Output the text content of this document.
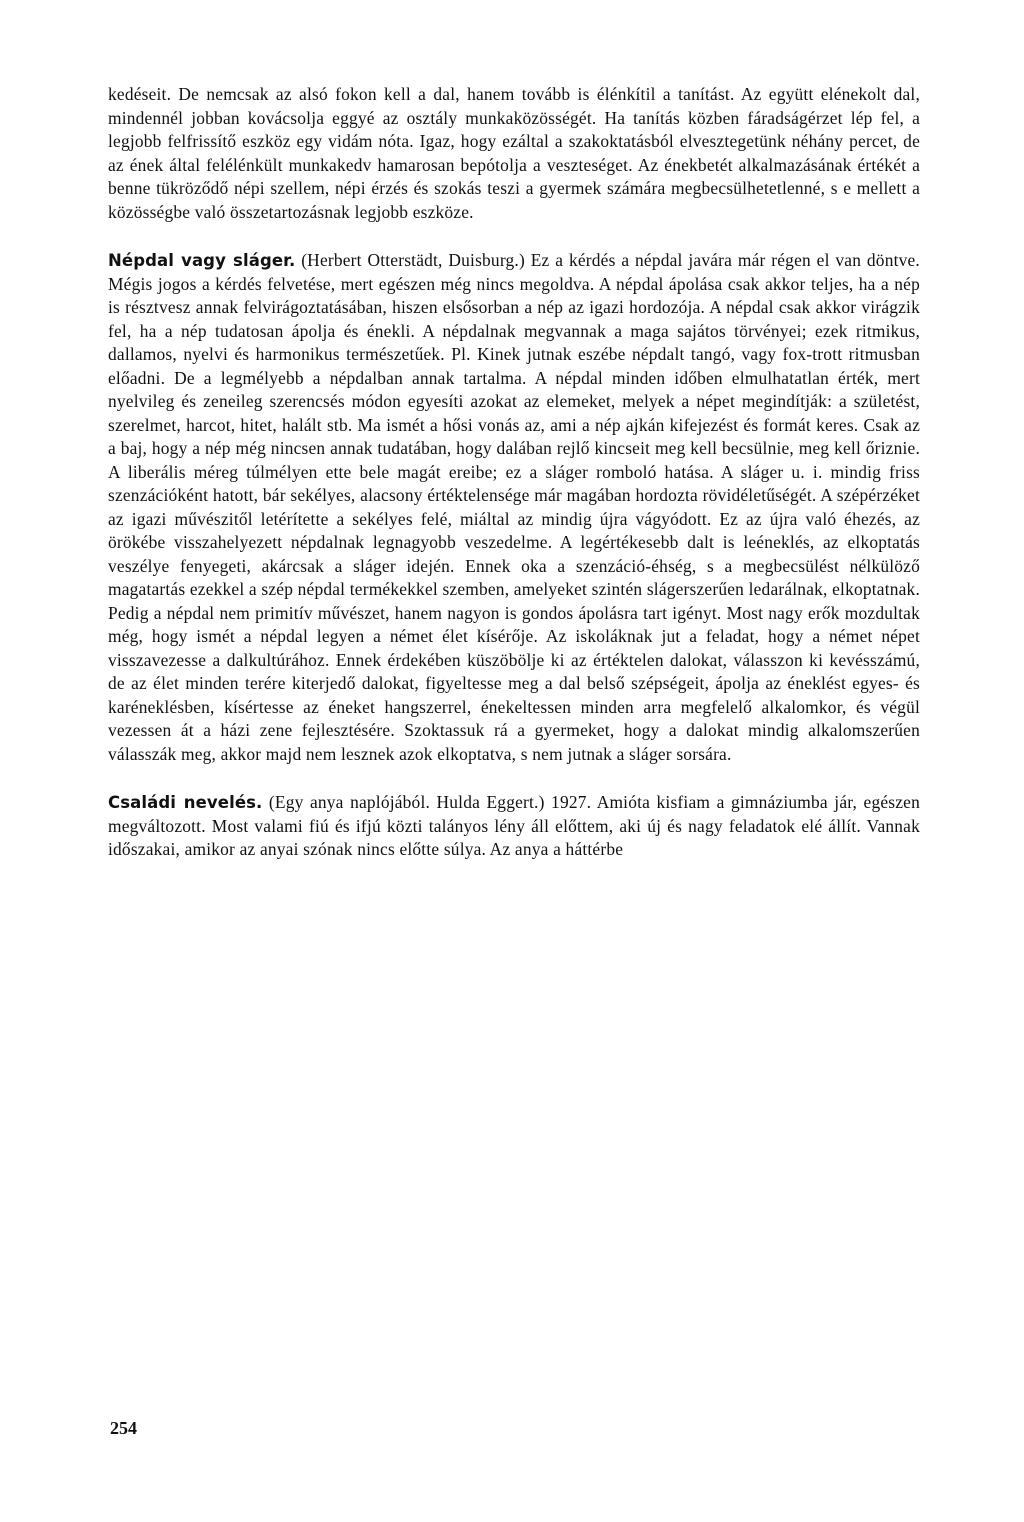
kedéseit. De nemcsak az alsó fokon kell a dal, hanem tovább is élénkítil a tanítást. Az együtt elénekolt dal, mindennél jobban kovácsolja eggyé az osztály munkaközösségét. Ha tanítás közben fáradságérzet lép fel, a legjobb felfrissítő eszköz egy vidám nóta. Igaz, hogy ezáltal a szakoktatásból elvesztegetünk néhány percet, de az ének által felélénkült munkakedv hamarosan bepótolja a veszteséget. Az énekbetét alkalmazásának értékét a benne tükröződő népi szellem, népi érzés és szokás teszi a gyermek számára megbecsülhetetlenné, s e mellett a közösségbe való összetartozásnak legjobb eszköze.

Népdal vagy sláger. (Herbert Otterstädt, Duisburg.) Ez a kérdés a népdal javára már régen el van döntve. Mégis jogos a kérdés felvetése, mert egészen még nincs megoldva. A népdal ápolása csak akkor teljes, ha a nép is résztvesz annak felvirágoztatásában, hiszen elsősorban a nép az igazi hordozója. A népdal csak akkor virágzik fel, ha a nép tudatosan ápolja és énekli. A népdalnak megvannak a maga sajátos törvényei; ezek ritmikus, dallamos, nyelvi és harmonikus természetűek. Pl. Kinek jutnak eszébe népdalt tangó, vagy fox-trott ritmusban előadni. De a legmélyebb a népdalban annak tartalma. A népdal minden időben elmulhatatlan érték, mert nyelvileg és zeneileg szerencsés módon egyesíti azokat az elemeket, melyek a népet megindítják: a születést, szerelmet, harcot, hitet, halált stb. Ma ismét a hősi vonás az, ami a nép ajkán kifejezést és formát keres. Csak az a baj, hogy a nép még nincsen annak tudatában, hogy dalában rejlő kincseit meg kell becsülnie, meg kell őriznie. A liberális méreg túlmélyen ette bele magát ereibe; ez a sláger romboló hatása. A sláger u. i. mindig friss szenzációként hatott, bár sekélyes, alacsony értéktelensége már magában hordozta rövidéletűségét. A szépérzéket az igazi művészitől letérítette a sekélyes felé, miáltal az mindig újra vágyódott. Ez az újra való éhezés, az örökébe visszahelyezett népdalnak legnagyobb veszedelme. A legértékesebb dalt is leéneklés, az elkoptatás veszélye fenyegeti, akárcsak a sláger idején. Ennek oka a szenzáció-éhség, s a megbecsülést nélkülöző magatartás ezekkel a szép népdal termékekkel szemben, amelyeket szintén slágerszerűen ledarálnak, elkoptatnak. Pedig a népdal nem primitív művészet, hanem nagyon is gondos ápolásra tart igényt. Most nagy erők mozdultak még, hogy ismét a népdal legyen a német élet kísérője. Az iskoláknak jut a feladat, hogy a német népet visszavezesse a dalkultúrához. Ennek érdekében küszöbölje ki az értéktelen dalokat, válasszon ki kevésszámú, de az élet minden terére kiterjedő dalokat, figyeltesse meg a dal belső szépségeit, ápolja az éneklést egyes- és karéneklésben, kísértesse az éneket hangszerrel, énekeltessen minden arra megfelelő alkalomkor, és végül vezessen át a házi zene fejlesztésére. Szoktassuk rá a gyermeket, hogy a dalokat mindig alkalomszerűen válasszák meg, akkor majd nem lesznek azok elkoptatva, s nem jutnak a sláger sorsára.

Családi nevelés. (Egy anya naplójából. Hulda Eggert.) 1927. Amióta kisfiam a gimnáziumba jár, egészen megváltozott. Most valami fiú és ifjú közti talányos lény áll előttem, aki új és nagy feladatok elé állít. Vannak időszakai, amikor az anyai szónak nincs előtte súlya. Az anya a háttérbe

254
